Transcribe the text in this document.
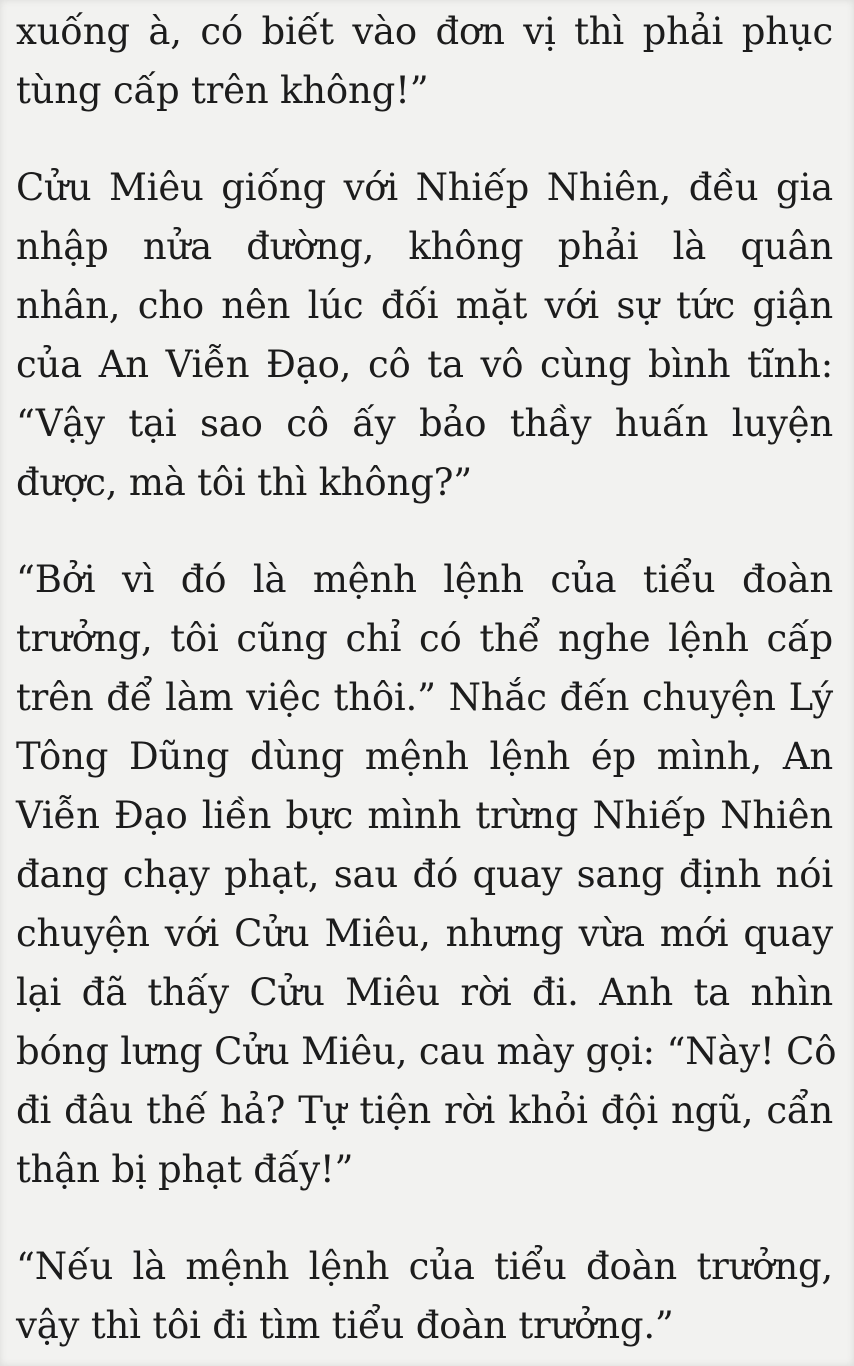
xuống à, có biết vào đơn vị thì phải phục
tùng cấp trên không!”

Cửu Miêu giống với Nhiếp Nhiên, đều gia
nhập nửa đường, không phải là quân
nhân, cho nên lúc đối mặt với sự tức giận
của An Viễn Đạo, cô ta vô cùng bình tĩnh:
“Vậy tại sao cô ấy bảo thầy huấn luyện
được, mà tôi thì không?”

“Bởi vì đó là mệnh lệnh của tiểu đoàn
trưởng, tôi cũng chỉ có thể nghe lệnh cấp
trên để làm việc thôi.” Nhắc đến chuyện Lý
Tông Dũng dùng mệnh lệnh ép mình, An
Viễn Đạo liền bực mình trừng Nhiếp Nhiên
đang chạy phạt, sau đó quay sang định nói
chuyện với Cửu Miêu, nhưng vừa mới quay
lại đã thấy Cửu Miêu rời đi. Anh ta nhìn
bóng lưng Cửu Miêu, cau mày gọi: “Này! Cô
đi đâu thế hả? Tự tiện rời khỏi đội ngũ, cẩn
thận bị phạt đấy!”

“Nếu là mệnh lệnh của tiểu đoàn trưởng,
vậy thì tôi đi tìm tiểu đoàn trưởng.”
